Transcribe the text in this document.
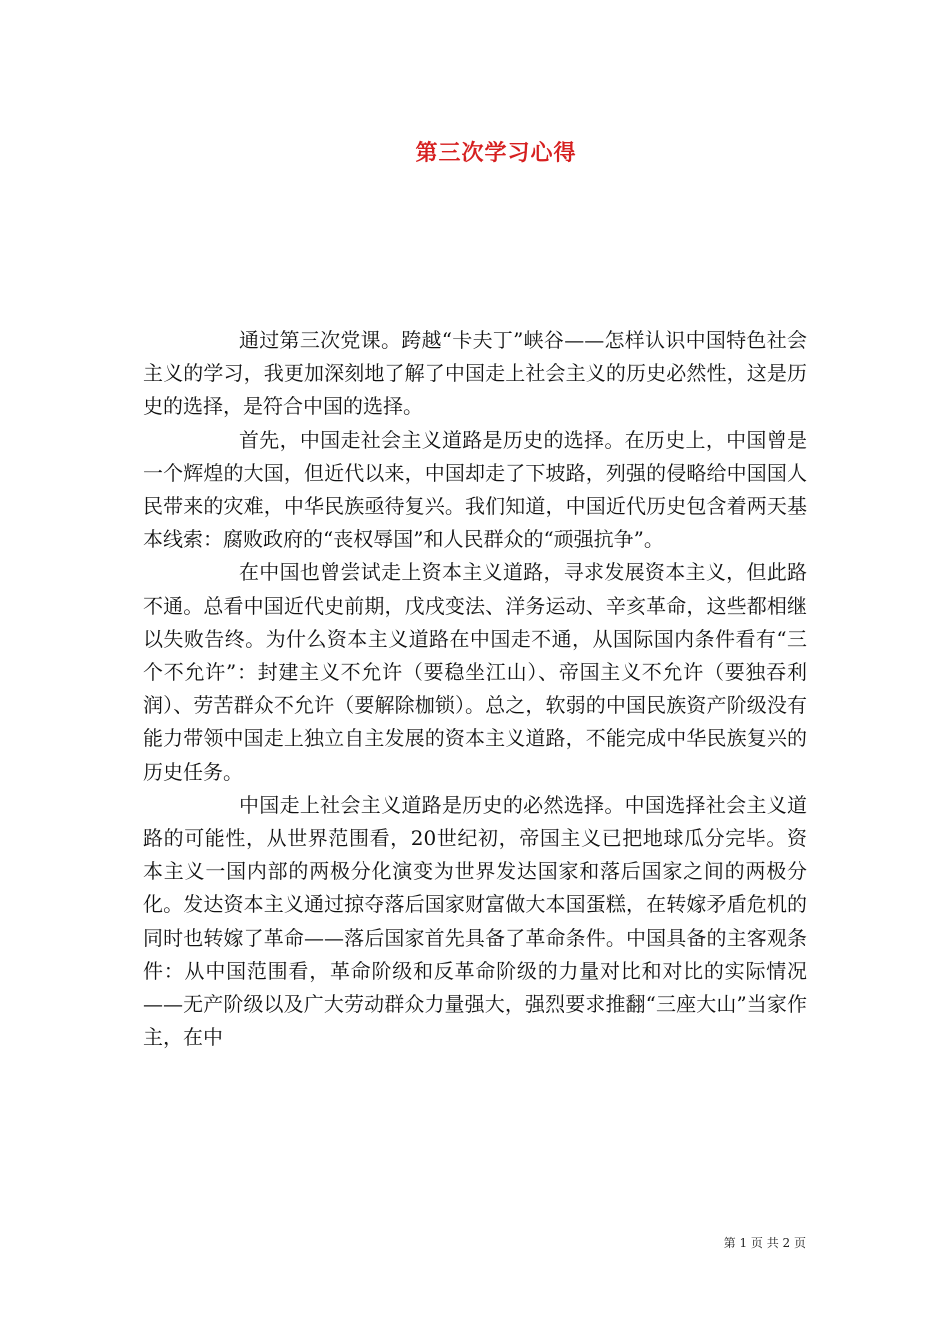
第三次学习心得

通过第三次党课。跨越“卡夫丁”峡谷——怎样认识中国特色社会主义的学习，我更加深刻地了解了中国走上社会主义的历史必然性，这是历史的选择，是符合中国的选择。

首先，中国走社会主义道路是历史的选择。在历史上，中国曾是一个辉煌的大国，但近代以来，中国却走了下坡路，列强的侵略给中国国人民带来的灾难，中华民族亟待复兴。我们知道，中国近代历史包含着两天基本线索：腐败政府的“丧权辱国”和人民群众的“顽强抗争”。

在中国也曾尝试走上资本主义道路，寻求发展资本主义，但此路不通。总看中国近代史前期，戊戌变法、洋务运动、辛亥革命，这些都相继以失败告终。为什么资本主义道路在中国走不通，从国际国内条件看有“三个不允许”：封建主义不允许（要稳坐江山）、帝国主义不允许（要独吞利润）、劳苦群众不允许（要解除枷锁）。总之，软弱的中国民族资产阶级没有能力带领中国走上独立自主发展的资本主义道路，不能完成中华民族复兴的历史任务。

中国走上社会主义道路是历史的必然选择。中国选择社会主义道路的可能性，从世界范围看，20世纪初，帝国主义已把地球瓜分完毕。资本主义一国内部的两极分化演变为世界发达国家和落后国家之间的两极分化。发达资本主义通过掠夺落后国家财富做大本国蛋糕，在转嫁矛盾危机的同时也转嫁了革命——落后国家首先具备了革命条件。中国具备的主客观条件：从中国范围看，革命阶级和反革命阶级的力量对比和对比的实际情况——无产阶级以及广大劳动群众力量强大，强烈要求推翻“三座大山”当家作主，在中

第 1 页 共 2 页
